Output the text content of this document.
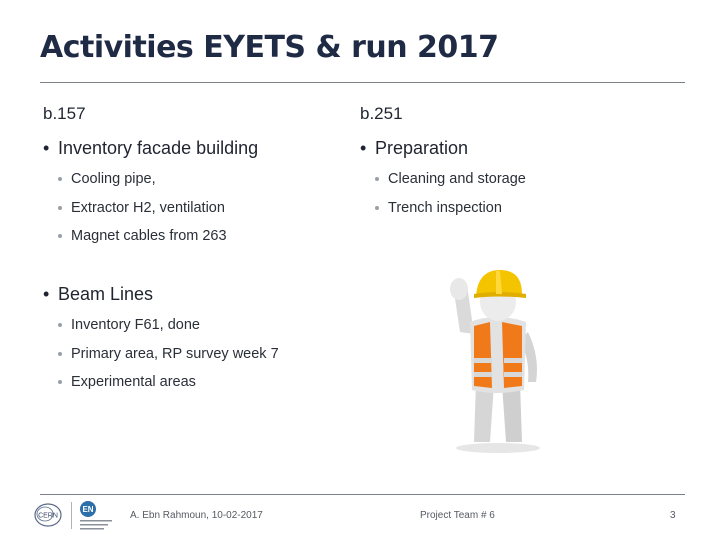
Activities EYETS & run 2017
b.157
• Inventory facade building
Cooling pipe,
Extractor H2, ventilation
Magnet cables from 263
• Beam Lines
Inventory F61, done
Primary area, RP survey week 7
Experimental areas
b.251
• Preparation
Cleaning and storage
Trench inspection
CERN
EN
A. Ebn Rahmoun, 10-02-2017	Project Team # 6	3
